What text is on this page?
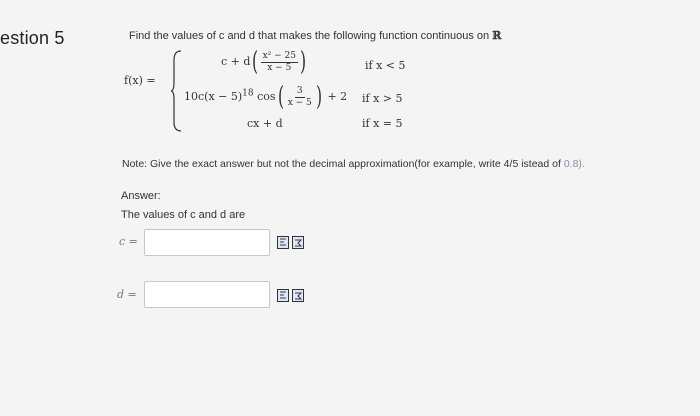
estion 5	Find the values of c and d that makes the following function continuous on ℝ
f(x) =
$c + d( \frac{\text{x² − 25}}{x - 5}$ )	if x < 5
$10c(x - 5)^{18}$ $\cos( \frac{3}{x - 5}$ ) + 2 if x > 5
cx + d	if x = 5
Note: Give the exact answer but not the decimal approximation(for example, write 4/5 istead of 0.8).
Answer:
The values of c and d are
c =
d =
